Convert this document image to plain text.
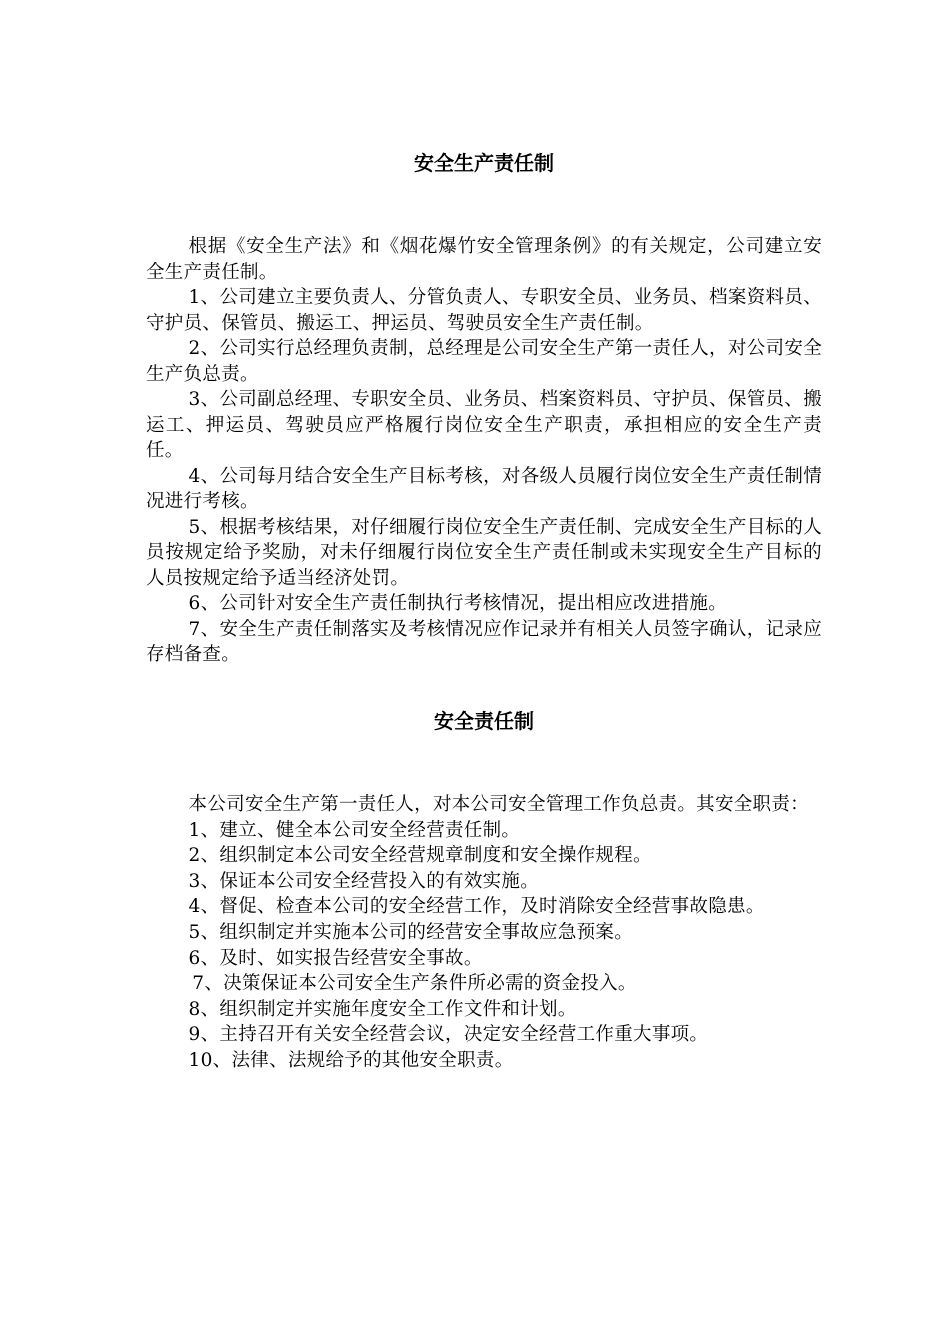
安全生产责任制

根据《安全生产法》和《烟花爆竹安全管理条例》的有关规定，公司建立安全生产责任制。

1、公司建立主要负责人、分管负责人、专职安全员、业务员、档案资料员、守护员、保管员、搬运工、押运员、驾驶员安全生产责任制。

2、公司实行总经理负责制，总经理是公司安全生产第一责任人，对公司安全生产负总责。

3、公司副总经理、专职安全员、业务员、档案资料员、守护员、保管员、搬运工、押运员、驾驶员应严格履行岗位安全生产职责，承担相应的安全生产责任。

4、公司每月结合安全生产目标考核，对各级人员履行岗位安全生产责任制情况进行考核。

5、根据考核结果，对仔细履行岗位安全生产责任制、完成安全生产目标的人员按规定给予奖励，对未仔细履行岗位安全生产责任制或未实现安全生产目标的人员按规定给予适当经济处罚。

6、公司针对安全生产责任制执行考核情况，提出相应改进措施。

7、安全生产责任制落实及考核情况应作记录并有相关人员签字确认，记录应存档备查。

安全责任制

本公司安全生产第一责任人，对本公司安全管理工作负总责。其安全职责：

1、建立、健全本公司安全经营责任制。

2、组织制定本公司安全经营规章制度和安全操作规程。

3、保证本公司安全经营投入的有效实施。

4、督促、检查本公司的安全经营工作，及时消除安全经营事故隐患。

5、组织制定并实施本公司的经营安全事故应急预案。

6、及时、如实报告经营安全事故。

7、决策保证本公司安全生产条件所必需的资金投入。

8、组织制定并实施年度安全工作文件和计划。

9、主持召开有关安全经营会议，决定安全经营工作重大事项。

10、法律、法规给予的其他安全职责。
